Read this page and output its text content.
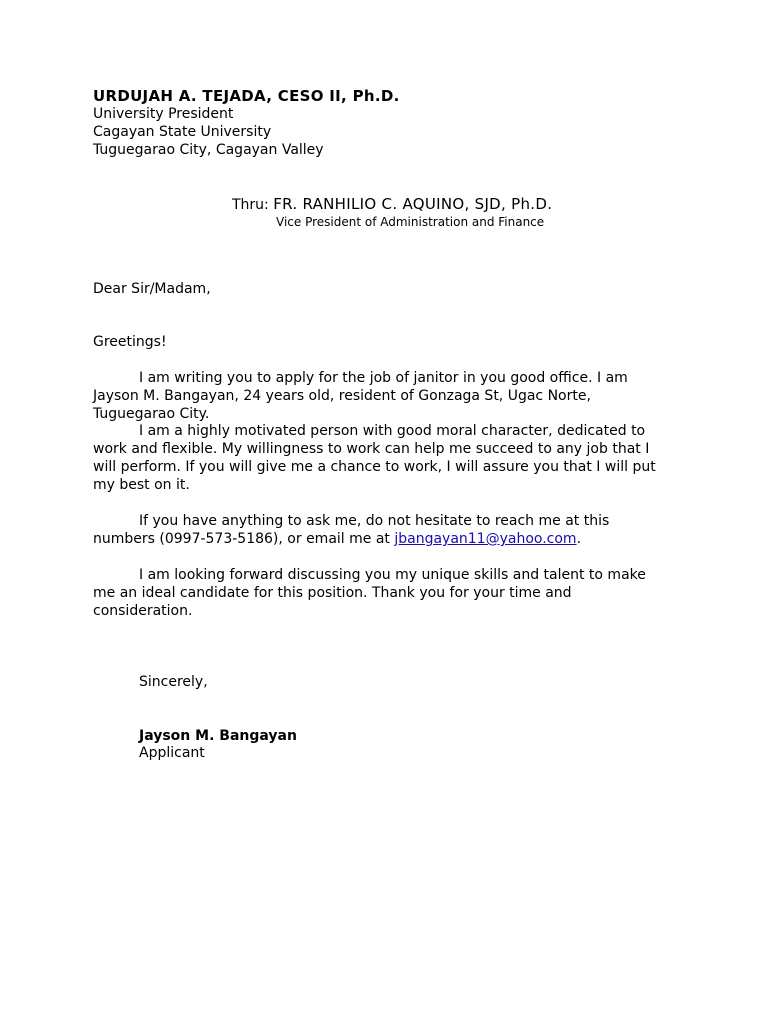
URDUJAH A. TEJADA, CESO II, Ph.D.
University President
Cagayan State University
Tuguegarao City, Cagayan Valley
Thru: FR. RANHILIO C. AQUINO, SJD, Ph.D.
Vice President of Administration and Finance
Dear Sir/Madam,
Greetings!
I am writing you to apply for the job of janitor in you good office. I am
Jayson M. Bangayan, 24 years old, resident of Gonzaga St, Ugac Norte,
Tuguegarao City.
I am a highly motivated person with good moral character, dedicated to
work and flexible. My willingness to work can help me succeed to any job that I
will perform. If you will give me a chance to work, I will assure you that I will put
my best on it.
If you have anything to ask me, do not hesitate to reach me at this
numbers (0997-573-5186), or email me at jbangayan11@yahoo.com.
I am looking forward discussing you my unique skills and talent to make
me an ideal candidate for this position. Thank you for your time and
consideration.
Sincerely,
Jayson M. Bangayan
Applicant
